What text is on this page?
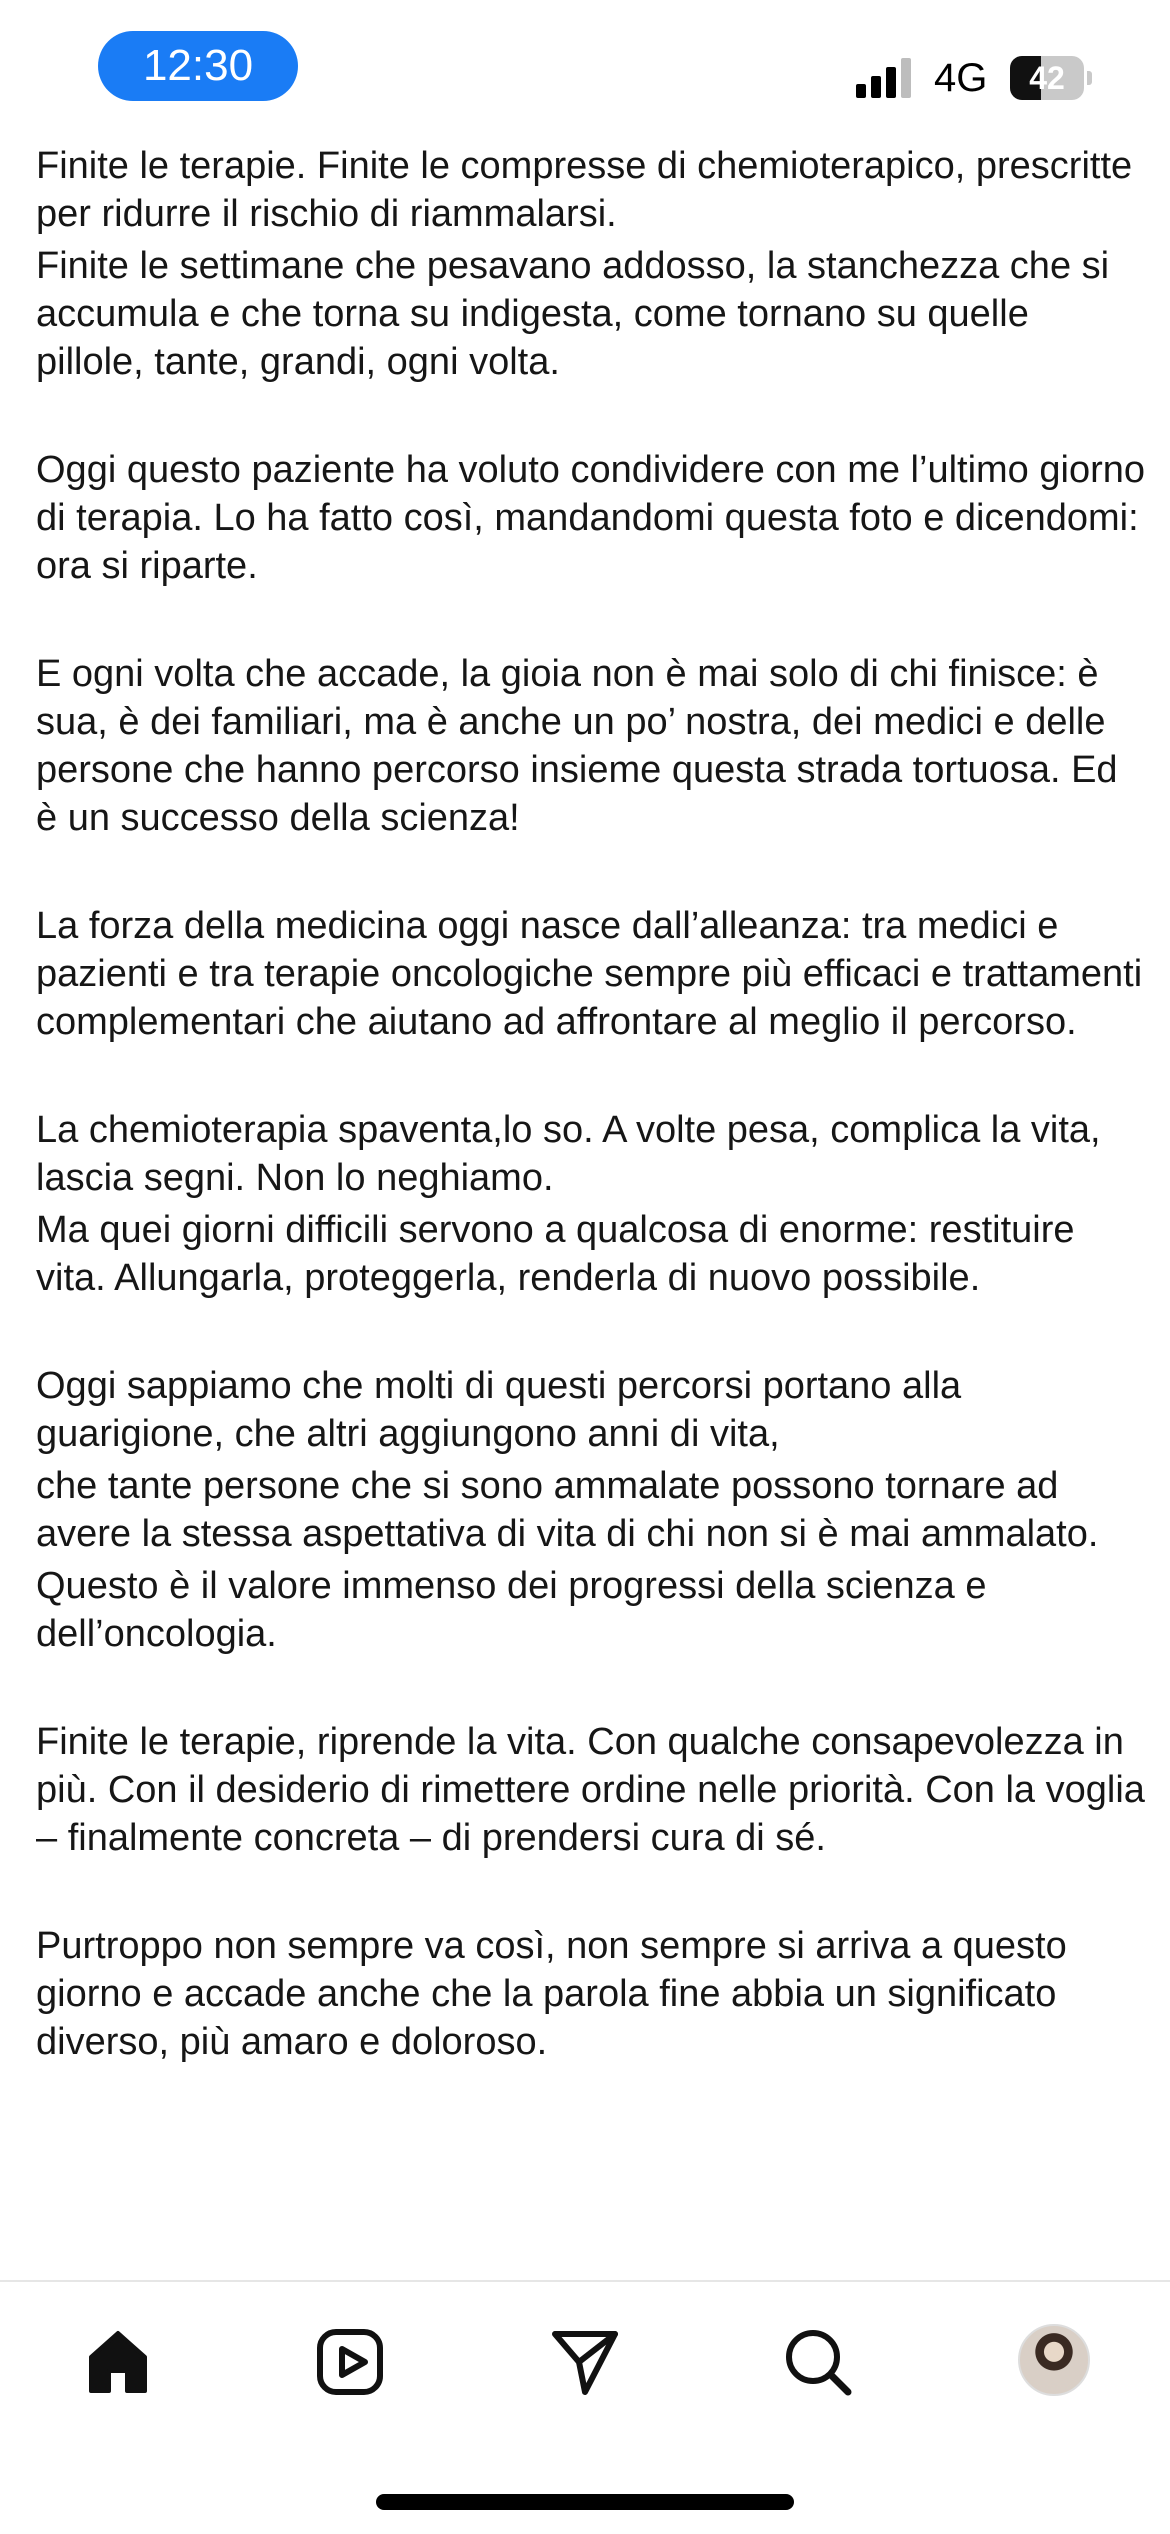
12:30	4G	42

Finite le terapie. Finite le compresse di chemioterapico, prescritte per ridurre il rischio di riammalarsi.

Finite le settimane che pesavano addosso, la stanchezza che si accumula e che torna su indigesta, come tornano su quelle pillole, tante, grandi, ogni volta.

Oggi questo paziente ha voluto condividere con me l’ultimo giorno di terapia. Lo ha fatto così, mandandomi questa foto e dicendomi: ora si riparte.

E ogni volta che accade, la gioia non è mai solo di chi finisce: è sua, è dei familiari, ma è anche un po’ nostra, dei medici e delle persone che hanno percorso insieme questa strada tortuosa. Ed è un successo della scienza!

La forza della medicina oggi nasce dall’alleanza: tra medici e pazienti e tra terapie oncologiche sempre più efficaci e trattamenti complementari che aiutano ad affrontare al meglio il percorso.

La chemioterapia spaventa,lo so. A volte pesa, complica la vita, lascia segni. Non lo neghiamo.

Ma quei giorni difficili servono a qualcosa di enorme: restituire vita. Allungarla, proteggerla, renderla di nuovo possibile.

Oggi sappiamo che molti di questi percorsi portano alla guarigione, che altri aggiungono anni di vita,

che tante persone che si sono ammalate possono tornare ad avere la stessa aspettativa di vita di chi non si è mai ammalato.

Questo è il valore immenso dei progressi della scienza e dell’oncologia.

Finite le terapie, riprende la vita. Con qualche consapevolezza in più. Con il desiderio di rimettere ordine nelle priorità. Con la voglia – finalmente concreta – di prendersi cura di sé.

Purtroppo non sempre va così, non sempre si arriva a questo giorno e accade anche che la parola fine abbia un significato diverso, più amaro e doloroso.
